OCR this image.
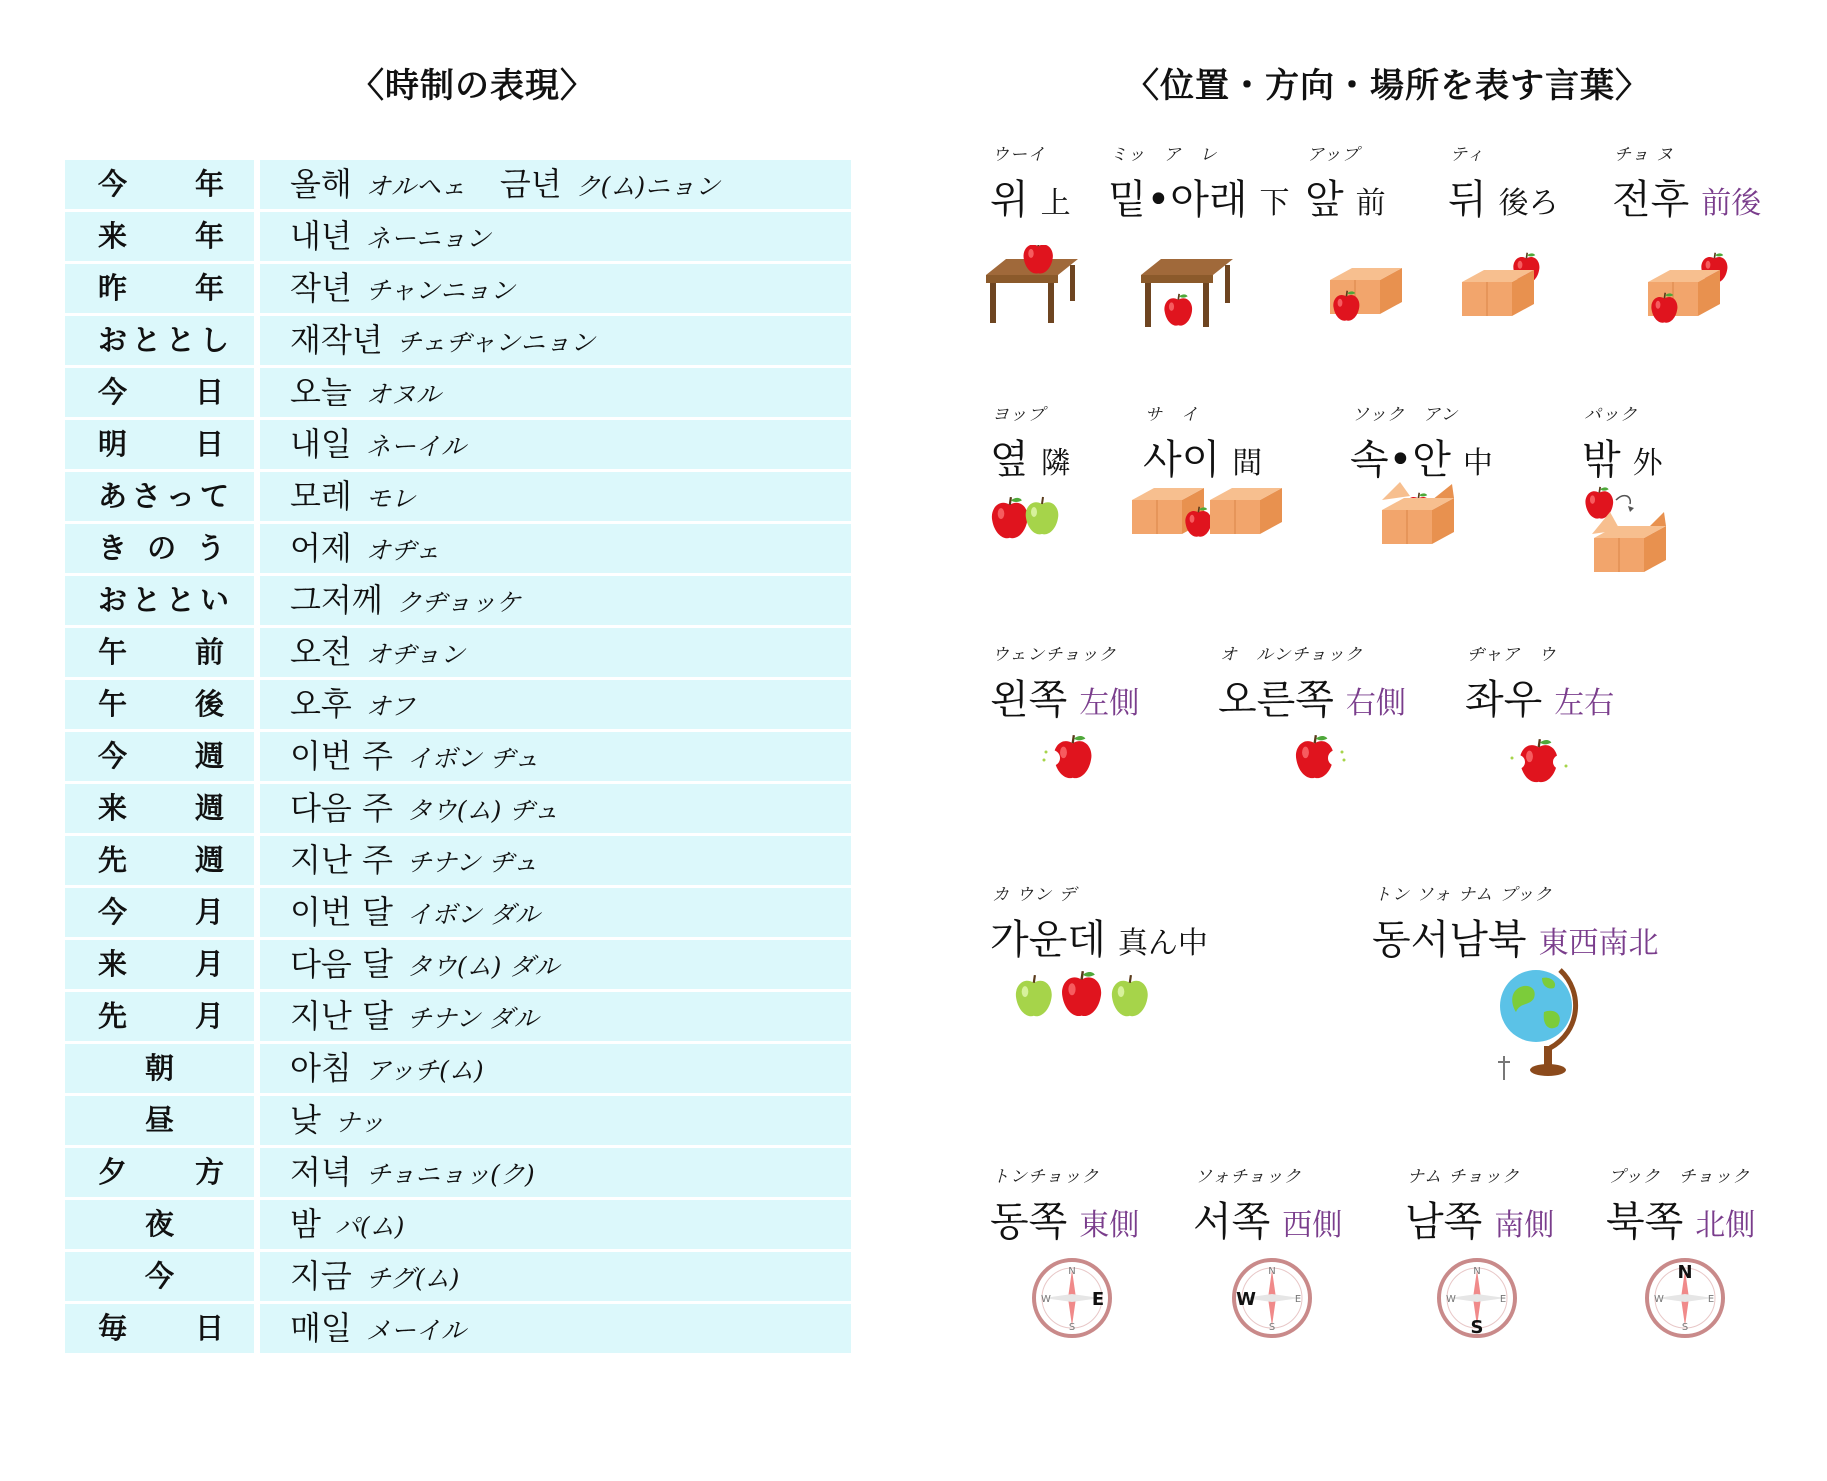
〈時制の表現〉	〈位置・方向・場所を表す言葉〉
今 年	올해 オルヘェ 금년 ク(ム)ニョン
来 年	내년 ネーニョン
昨 年	작년 チャンニョン
おととし	재작년 チェヂャンニョン
今 日	오늘 オヌル
明 日	내일 ネーイル
あさって	모레 モレ
き の う	어제 オヂェ
おととい	그저께 クヂョッケ
午 前	오전 オヂョン
午 後	오후 オフ
今 週	이번 주 イボン ヂュ
来 週	다음 주 タウ(ム) ヂュ
先 週	지난 주 チナン ヂュ
今 月	이번 달 イボン ダル
来 月	다음 달 タウ(ム) ダル
先 月	지난 달 チナン ダル
朝	아침 アッチ(ム)
昼	낮 ナッ
夕 方	저녁 チョニョッ(ク)
夜	밤 パ(ム)
今	지금 チグ(ム)
毎 日	매일 メーイル
ウーイ
위 上
ミッ　ア　レ
밑•아래 下
アップ
앞 前
ティ
뒤 後ろ
チョ ヌ
전후 前後
ヨップ
옆 隣
サ　イ
사이 間
ソック　アン
속•안 中
パック
밖 外
ウェンチョック
왼쪽 左側
オ　ルンチョック
오른쪽 右側
ヂャア　ウ
좌우 左右
カ ウン デ
가운데 真ん中
トン ソォ ナム プック
동서남북 東西南北
トンチョック
동쪽 東側
ソォチョック
서쪽 西側
ナム チョック
남쪽 南側
プック　チョック
북쪽 北側
N
S
W E
N
S
W	E
N
S
W	E
N
S
W	E
